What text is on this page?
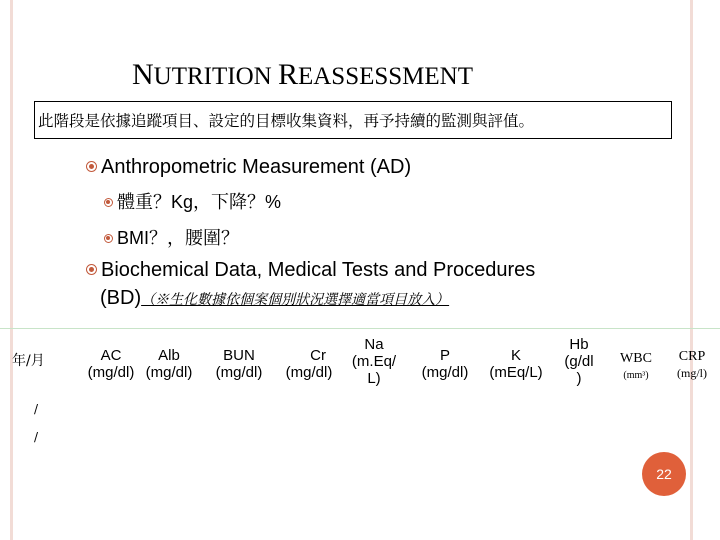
NUTRITION REASSESSMENT
此階段是依據追蹤項目、設定的目標收集資料，再予持續的監測與評值。
Anthropometric Measurement (AD)
體重？Kg，下降？%
BMI？，腰圍？
Biochemical Data, Medical Tests and Procedures
(BD)（※生化數據依個案個別狀況選擇適當項目放入）
年/月	AC
(mg/dl)
Alb
(mg/dl)
BUN
(mg/dl)
Cr
(mg/dl)
Na
(m.Eq/
L)
P
(mg/dl)
K
(mEq/L)
Hb
(g/dl
)
WBC
(mm³)
CRP
(mg/l)
/
/
22
